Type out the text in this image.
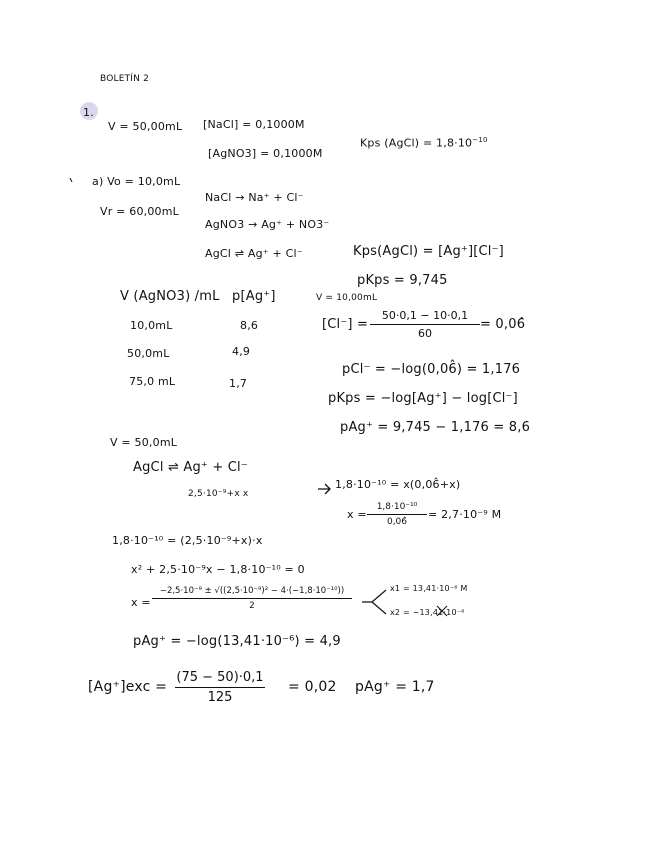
BOLETÍN 2
1.
V = 50,00mL [NaCl] = 0,1000M
[AgNO3] = 0,1000M
Kps (AgCl) = $1,8\cdot 10^{-10}$
a) Vo = 10,0mL
Vr = 60,00mL
NaCl → Na⁺ + Cl⁻
AgNO3 → Ag⁺ + NO3⁻
AgCl ⇌ Ag⁺ + Cl⁻	Kps(AgCl) = [Ag⁺][Cl⁻]
pKps = 9,745
V (AgNO3) /mL p[Ag⁺]
10,0mL	8,6
50,0mL	4,9
75,0 mL	1,7
V = 10,00mL
[Cl⁻] =
50·0,1 − 10·0,1
60
= 0,06̂
pCl⁻ = −log(0,06̂) = 1,176
pKps = −log[Ag⁺] − log[Cl⁻]
pAg⁺ = 9,745 − 1,176 = 8,6
V = 50,0mL
AgCl ⇌ Ag⁺ + Cl⁻
2,5·10⁻⁹+x x
1,8·10⁻¹⁰ = (2,5·10⁻⁹+x)·x
x² + 2,5·10⁻⁹x − 1,8·10⁻¹⁰ = 0
x =
−2,5·10⁻⁹ ± √((2,5·10⁻⁹)² − 4·(−1,8·10⁻¹⁰))
2
x1 = 13,41·10⁻⁶ M
x2 = −13,41·10⁻⁶
pAg⁺ = −log(13,41·10⁻⁶) = 4,9
1,8·10⁻¹⁰ = x(0,06̂+x)
x =
1,8·10⁻¹⁰
0,06̂
= 2,7·10⁻⁹ M
[Ag⁺]exc =
(75 − 50)·0,1
125
= 0,02 pAg⁺ = 1,7
